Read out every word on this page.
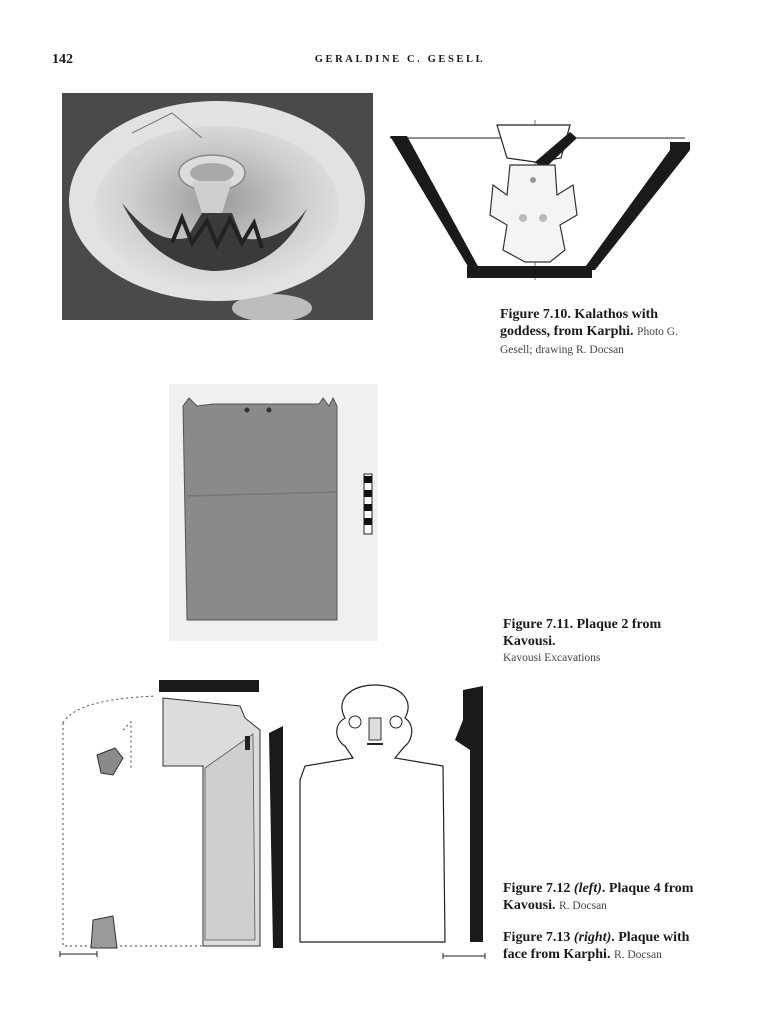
142	GERALDINE C. GESELL
Figure 7.10. Kalathos with goddess, from Karphi. Photo G. Gesell; drawing R. Docsan
Figure 7.11. Plaque 2 from Kavousi.
Kavousi Excavations
Figure 7.12 (left). Plaque 4 from Kavousi. R. Docsan
Figure 7.13 (right). Plaque with face from Karphi. R. Docsan
